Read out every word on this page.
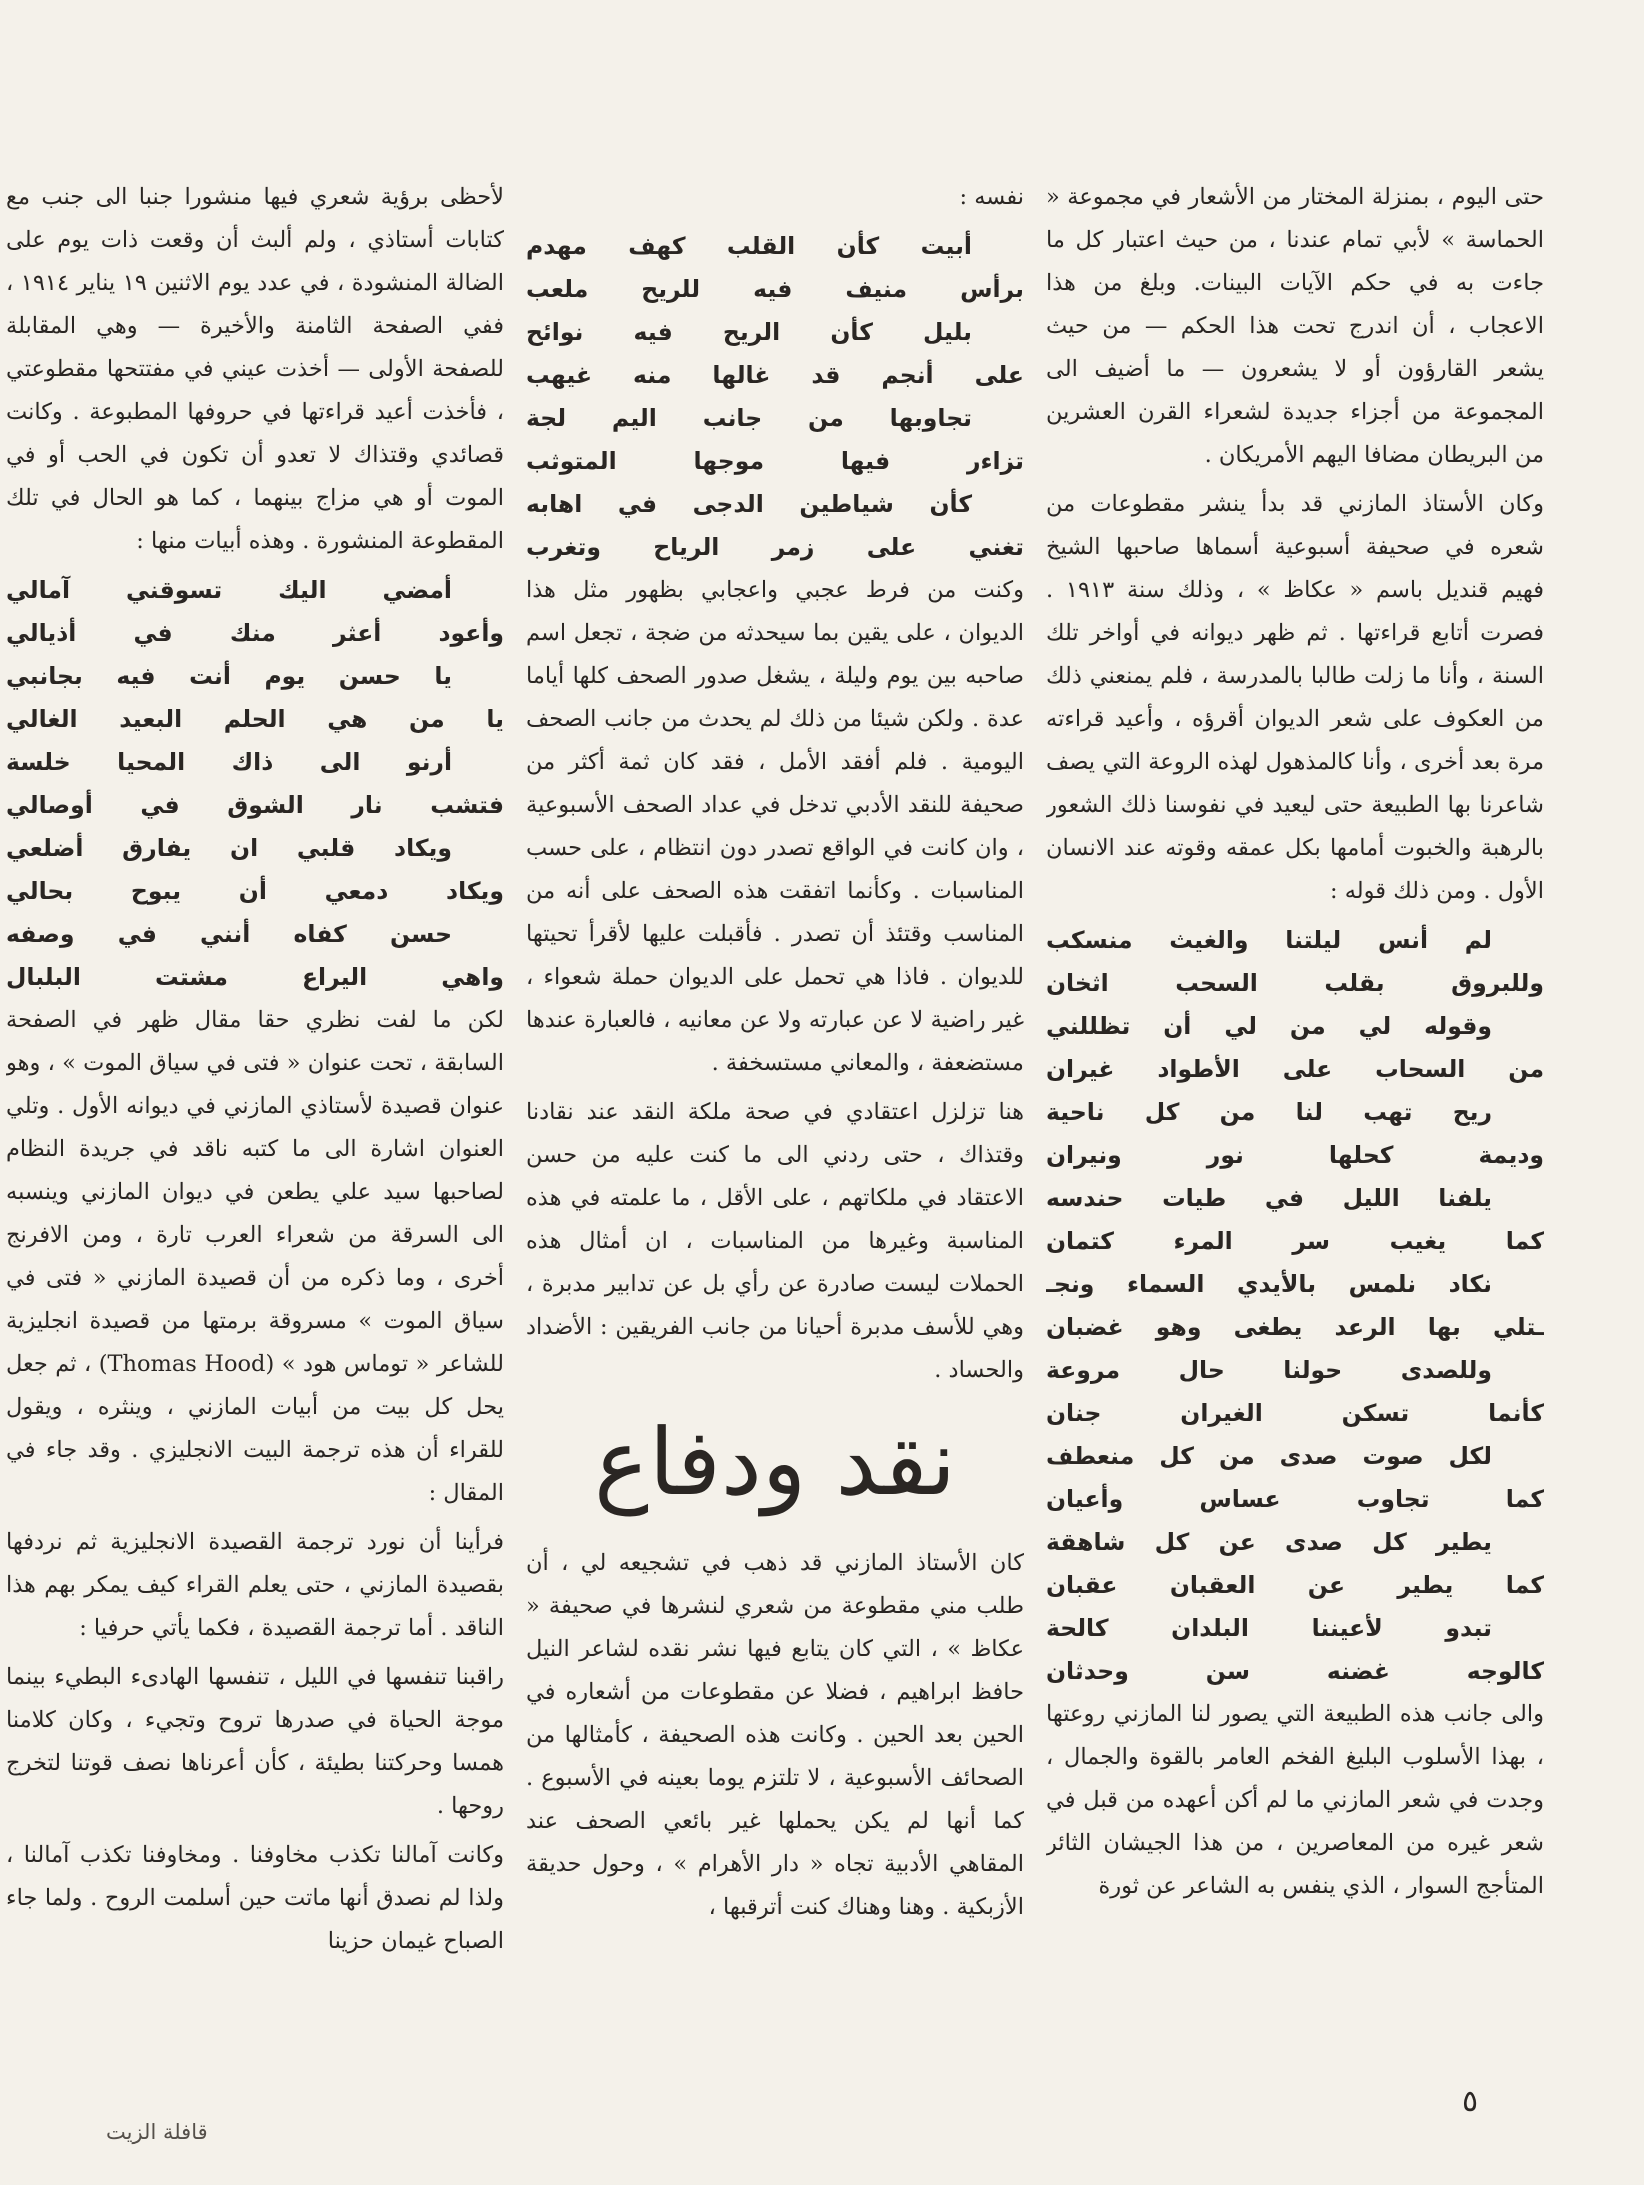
حتى اليوم ، بمنزلة المختار من الأشعار في مجموعة « الحماسة » لأبي تمام عندنا ، من حيث اعتبار كل ما جاءت به في حكم الآيات البينات. وبلغ من هذا الاعجاب ، أن اندرج تحت هذا الحكم — من حيث يشعر القارؤون أو لا يشعرون — ما أضيف الى المجموعة من أجزاء جديدة لشعراء القرن العشرين من البريطان مضافا اليهم الأمريكان .

وكان الأستاذ المازني قد بدأ ينشر مقطوعات من شعره في صحيفة أسبوعية أسماها صاحبها الشيخ فهيم قنديل باسم « عكاظ » ، وذلك سنة ١٩١٣ . فصرت أتابع قراءتها . ثم ظهر ديوانه في أواخر تلك السنة ، وأنا ما زلت طالبا بالمدرسة ، فلم يمنعني ذلك من العكوف على شعر الديوان أقرؤه ، وأعيد قراءته مرة بعد أخرى ، وأنا كالمذهول لهذه الروعة التي يصف شاعرنا بها الطبيعة حتى ليعيد في نفوسنا ذلك الشعور بالرهبة والخبوت أمامها بكل عمقه وقوته عند الانسان الأول . ومن ذلك قوله :

لم أنس ليلتنا والغيث منسكب
وللبروق بقلب السحب اثخان
وقوله لي من لي أن تظللني
من السحاب على الأطواد غيران
ريح تهب لنا من كل ناحية
وديمة كحلها نور ونيران
يلفنا الليل في طيات حندسه
كما يغيب سر المرء كتمان
نكاد نلمس بالأيدي السماء ونجـ
ـتلي بها الرعد يطغى وهو غضبان
وللصدى حولنا حال مروعة
كأنما تسكن الغيران جنان
لكل صوت صدى من كل منعطف
كما تجاوب عساس وأعيان
يطير كل صدى عن كل شاهقة
كما يطير عن العقبان عقبان
تبدو لأعيننا البلدان كالحة
كالوجه غضنه سن وحدثان

والى جانب هذه الطبيعة التي يصور لنا المازني روعتها ، بهذا الأسلوب البليغ الفخم العامر بالقوة والجمال ، وجدت في شعر المازني ما لم أكن أعهده من قبل في شعر غيره من المعاصرين ، من هذا الجيشان الثائر المتأجج السوار ، الذي ينفس به الشاعر عن ثورة

نفسه :

أبيت كأن القلب كهف مهدم
برأس منيف فيه للريح ملعب
بليل كأن الريح فيه نوائح
على أنجم قد غالها منه غيهب
تجاوبها من جانب اليم لجة
تزاءر فيها موجها المتوثب
كأن شياطين الدجى في اهابه
تغني على زمر الرياح وتغرب

وكنت من فرط عجبي واعجابي بظهور مثل هذا الديوان ، على يقين بما سيحدثه من ضجة ، تجعل اسم صاحبه بين يوم وليلة ، يشغل صدور الصحف كلها أياما عدة . ولكن شيئا من ذلك لم يحدث من جانب الصحف اليومية . فلم أفقد الأمل ، فقد كان ثمة أكثر من صحيفة للنقد الأدبي تدخل في عداد الصحف الأسبوعية ، وان كانت في الواقع تصدر دون انتظام ، على حسب المناسبات . وكأنما اتفقت هذه الصحف على أنه من المناسب وقتئذ أن تصدر . فأقبلت عليها لأقرأ تحيتها للديوان . فاذا هي تحمل على الديوان حملة شعواء ، غير راضية لا عن عبارته ولا عن معانيه ، فالعبارة عندها مستضعفة ، والمعاني مستسخفة .

هنا تزلزل اعتقادي في صحة ملكة النقد عند نقادنا وقتذاك ، حتى ردني الى ما كنت عليه من حسن الاعتقاد في ملكاتهم ، على الأقل ، ما علمته في هذه المناسبة وغيرها من المناسبات ، ان أمثال هذه الحملات ليست صادرة عن رأي بل عن تدابير مدبرة ، وهي للأسف مدبرة أحيانا من جانب الفريقين : الأضداد والحساد .

نقد ودفاع

كان الأستاذ المازني قد ذهب في تشجيعه لي ، أن طلب مني مقطوعة من شعري لنشرها في صحيفة « عكاظ » ، التي كان يتابع فيها نشر نقده لشاعر النيل حافظ ابراهيم ، فضلا عن مقطوعات من أشعاره في الحين بعد الحين . وكانت هذه الصحيفة ، كأمثالها من الصحائف الأسبوعية ، لا تلتزم يوما بعينه في الأسبوع . كما أنها لم يكن يحملها غير بائعي الصحف عند المقاهي الأدبية تجاه « دار الأهرام » ، وحول حديقة الأزبكية . وهنا وهناك كنت أترقبها ،

لأحظى برؤية شعري فيها منشورا جنبا الى جنب مع كتابات أستاذي ، ولم ألبث أن وقعت ذات يوم على الضالة المنشودة ، في عدد يوم الاثنين ١٩ يناير ١٩١٤ ، ففي الصفحة الثامنة والأخيرة — وهي المقابلة للصفحة الأولى — أخذت عيني في مفتتحها مقطوعتي ، فأخذت أعيد قراءتها في حروفها المطبوعة . وكانت قصائدي وقتذاك لا تعدو أن تكون في الحب أو في الموت أو هي مزاج بينهما ، كما هو الحال في تلك المقطوعة المنشورة . وهذه أبيات منها :

أمضي اليك تسوقني آمالي
وأعود أعثر منك في أذيالي
يا حسن يوم أنت فيه بجانبي
يا من هي الحلم البعيد الغالي
أرنو الى ذاك المحيا خلسة
فتشب نار الشوق في أوصالي
ويكاد قلبي ان يفارق أضلعي
ويكاد دمعي أن يبوح بحالي
حسن كفاه أنني في وصفه
واهي اليراع مشتت البلبال

لكن ما لفت نظري حقا مقال ظهر في الصفحة السابقة ، تحت عنوان « فتى في سياق الموت » ، وهو عنوان قصيدة لأستاذي المازني في ديوانه الأول . وتلي العنوان اشارة الى ما كتبه ناقد في جريدة النظام لصاحبها سيد علي يطعن في ديوان المازني وينسبه الى السرقة من شعراء العرب تارة ، ومن الافرنج أخرى ، وما ذكره من أن قصيدة المازني « فتى في سياق الموت » مسروقة برمتها من قصيدة انجليزية للشاعر « توماس هود » (Thomas Hood) ، ثم جعل يحل كل بيت من أبيات المازني ، وينثره ، ويقول للقراء أن هذه ترجمة البيت الانجليزي . وقد جاء في المقال :

فرأينا أن نورد ترجمة القصيدة الانجليزية ثم نردفها بقصيدة المازني ، حتى يعلم القراء كيف يمكر بهم هذا الناقد . أما ترجمة القصيدة ، فكما يأتي حرفيا :

راقبنا تنفسها في الليل ، تنفسها الهادىء البطيء بينما موجة الحياة في صدرها تروح وتجيء ، وكان كلامنا همسا وحركتنا بطيئة ، كأن أعرناها نصف قوتنا لتخرج روحها .

وكانت آمالنا تكذب مخاوفنا . ومخاوفنا تكذب آمالنا ، ولذا لم نصدق أنها ماتت حين أسلمت الروح . ولما جاء الصباح غيمان حزينا

٥
قافلة الزيت
